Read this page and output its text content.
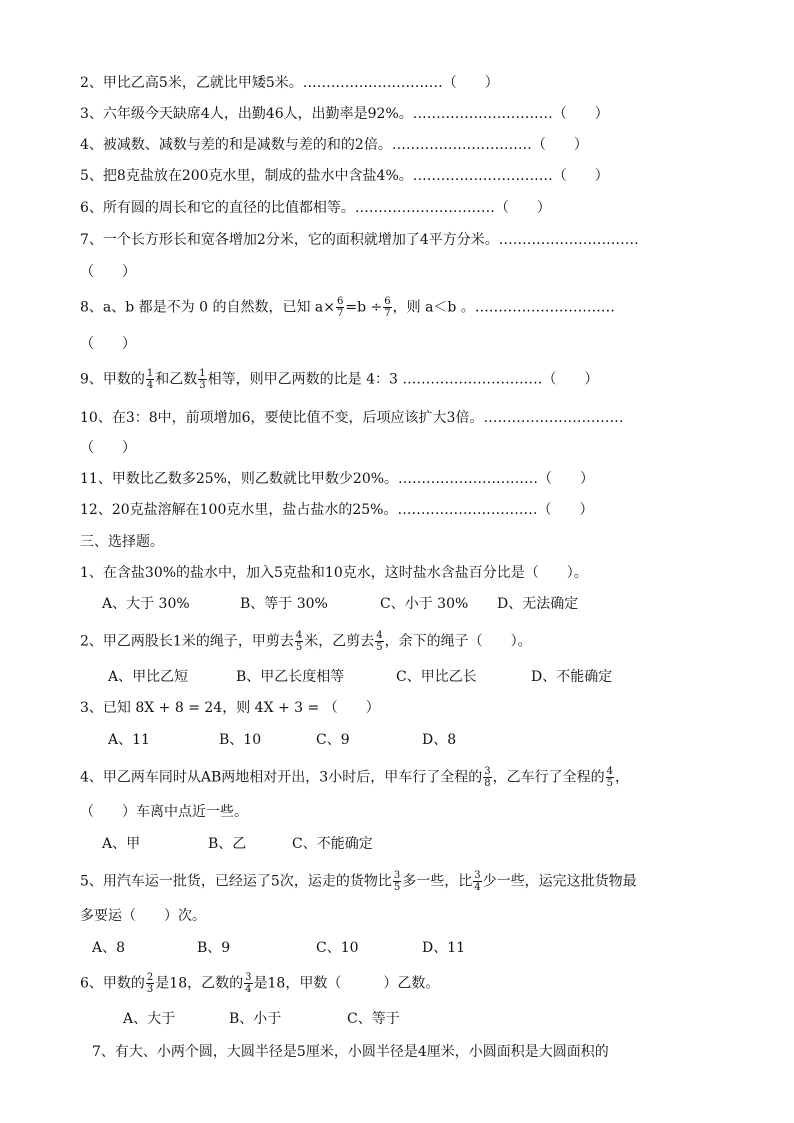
2、甲比乙高5米，乙就比甲矮5米。…………………………（　　）
3、六年级今天缺席4人，出勤46人，出勤率是92%。…………………………（　　）
4、被减数、减数与差的和是减数与差的和的2倍。…………………………（　　）
5、把8克盐放在200克水里，制成的盐水中含盐4%。…………………………（　　）
6、所有圆的周长和它的直径的比值都相等。…………………………（　　）
7、一个长方形长和宽各增加2分米，它的面积就增加了4平方分米。…………………………
（　　）
8、a、b 都是不为 0 的自然数，已知 $a\times \frac{6}{7} =b \div \frac{6}{7}$ ，则 a＜b 。…………………………
（　　）
9、甲数的 $\frac{1}{4}$ 和乙数 $\frac{1}{3}$ 相等，则甲乙两数的比是 4：3 …………………………（　　）
10、在3：8中，前项增加6，要使比值不变，后项应该扩大3倍。…………………………
（　　）
11、甲数比乙数多25%，则乙数就比甲数少20%。…………………………（　　）
12、20克盐溶解在100克水里，盐占盐水的25%。…………………………（　　）
三、选择题。
1、在含盐30%的盐水中，加入5克盐和10克水，这时盐水含盐百分比是（　　）。
A、大于 30%	B、等于 30%	C、小于 30% D、无法确定
2、甲乙两股长1米的绳子，甲剪去 $\frac{4}{5}$ 米，乙剪去 $\frac{4}{5}$ ，余下的绳子（　　）。
A、甲比乙短	B、甲乙长度相等	C、甲比乙长	D、不能确定
3、已知 8X + 8 = 24，则 4X + 3 = （　　）
A、11	B、10	C、9	D、8
4、甲乙两车同时从AB两地相对开出，3小时后，甲车行了全程的 $\frac{3}{8}$ ，乙车行了全程的 $\frac{4}{5}$ ，
（　　）车离中点近一些。
A、甲	B、乙	C、不能确定
5、用汽车运一批货，已经运了5次，运走的货物比 $\frac{3}{5}$ 多一些，比 $\frac{3}{4}$ 少一些，运完这批货物最
多要运（　　）次。
A、8	B、9	C、10	D、11
6、甲数的 $\frac{2}{3}$ 是18，乙数的 $\frac{3}{4}$ 是18，甲数（　　　）乙数。
A、大于	B、小于	C、等于
7、有大、小两个圆，大圆半径是5厘米，小圆半径是4厘米，小圆面积是大圆面积的
